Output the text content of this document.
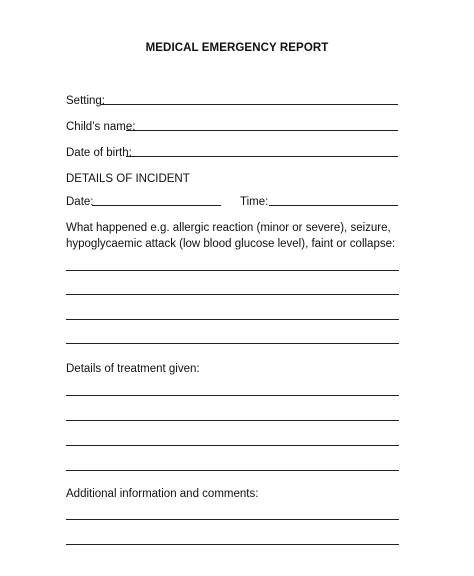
MEDICAL EMERGENCY REPORT
Setting:
Child’s name:
Date of birth:
DETAILS OF INCIDENT
Date:	Time:
What happened e.g. allergic reaction (minor or severe), seizure,
hypoglycaemic attack (low blood glucose level), faint or collapse:
Details of treatment given:
Additional information and comments:
